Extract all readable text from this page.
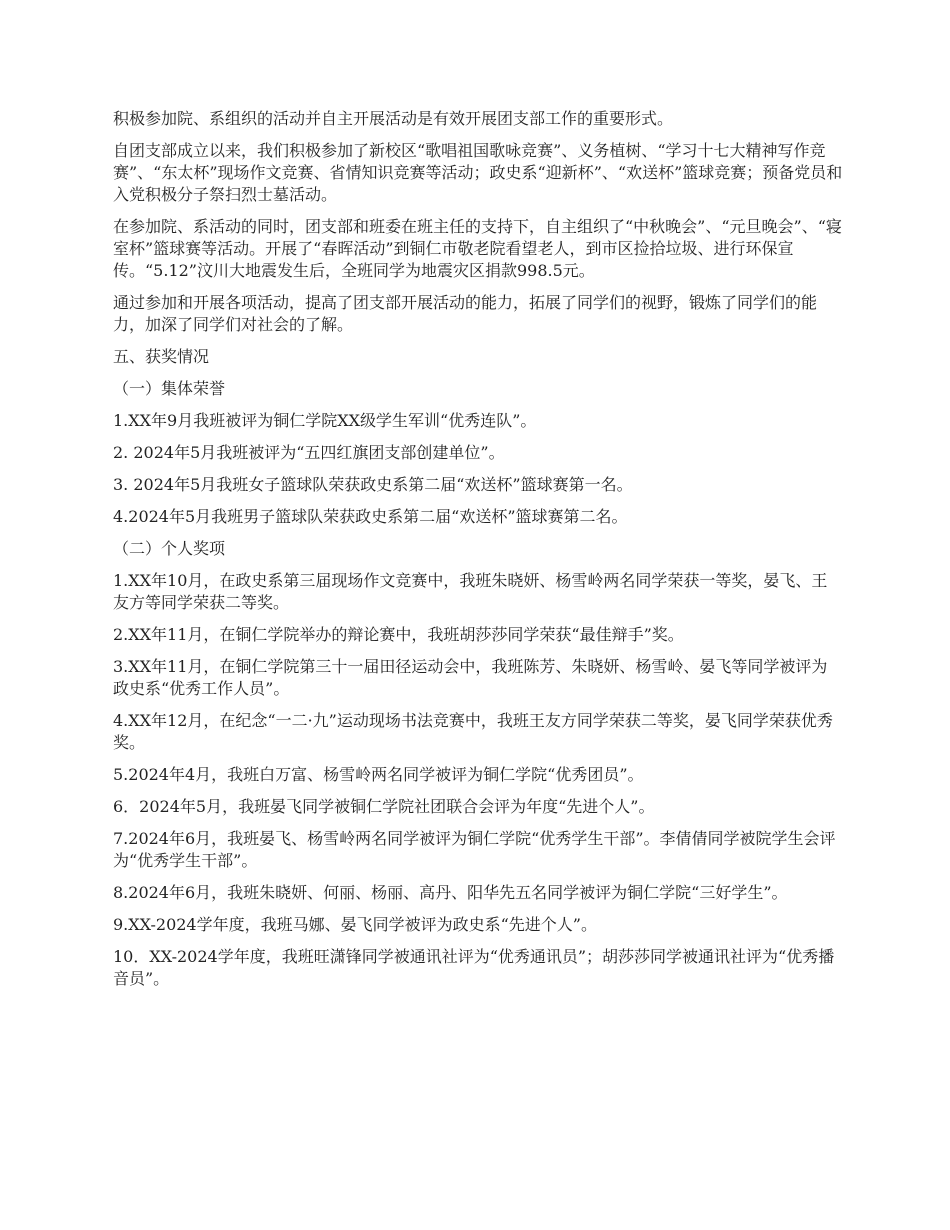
积极参加院、系组织的活动并自主开展活动是有效开展团支部工作的重要形式。

自团支部成立以来，我们积极参加了新校区“歌唱祖国歌咏竞赛”、义务植树、“学习十七大精神写作竞赛”、“东太杯”现场作文竞赛、省情知识竞赛等活动；政史系“迎新杯”、“欢送杯”篮球竞赛；预备党员和入党积极分子祭扫烈士墓活动。

在参加院、系活动的同时，团支部和班委在班主任的支持下，自主组织了“中秋晚会”、“元旦晚会”、“寝室杯”篮球赛等活动。开展了“春晖活动”到铜仁市敬老院看望老人，到市区捡拾垃圾、进行环保宣传。“5.12”汶川大地震发生后，全班同学为地震灾区捐款998.5元。

通过参加和开展各项活动，提高了团支部开展活动的能力，拓展了同学们的视野，锻炼了同学们的能力，加深了同学们对社会的了解。

五、获奖情况

（一）集体荣誉

1.XX年9月我班被评为铜仁学院XX级学生军训“优秀连队”。

2. 2024年5月我班被评为“五四红旗团支部创建单位”。

3. 2024年5月我班女子篮球队荣获政史系第二届“欢送杯”篮球赛第一名。

4.2024年5月我班男子篮球队荣获政史系第二届“欢送杯”篮球赛第二名。

（二）个人奖项

1.XX年10月，在政史系第三届现场作文竞赛中，我班朱晓妍、杨雪岭两名同学荣获一等奖，晏飞、王友方等同学荣获二等奖。

2.XX年11月，在铜仁学院举办的辩论赛中，我班胡莎莎同学荣获“最佳辩手”奖。

3.XX年11月，在铜仁学院第三十一届田径运动会中，我班陈芳、朱晓妍、杨雪岭、晏飞等同学被评为政史系“优秀工作人员”。

4.XX年12月，在纪念“一二·九”运动现场书法竞赛中，我班王友方同学荣获二等奖，晏飞同学荣获优秀奖。

5.2024年4月，我班白万富、杨雪岭两名同学被评为铜仁学院“优秀团员”。

6．2024年5月，我班晏飞同学被铜仁学院社团联合会评为年度“先进个人”。

7.2024年6月，我班晏飞、杨雪岭两名同学被评为铜仁学院“优秀学生干部”。李倩倩同学被院学生会评为“优秀学生干部”。

8.2024年6月，我班朱晓妍、何丽、杨丽、高丹、阳华先五名同学被评为铜仁学院“三好学生”。

9.XX-2024学年度，我班马娜、晏飞同学被评为政史系“先进个人”。

10．XX-2024学年度，我班旺潇锋同学被通讯社评为“优秀通讯员”；胡莎莎同学被通讯社评为“优秀播音员”。
